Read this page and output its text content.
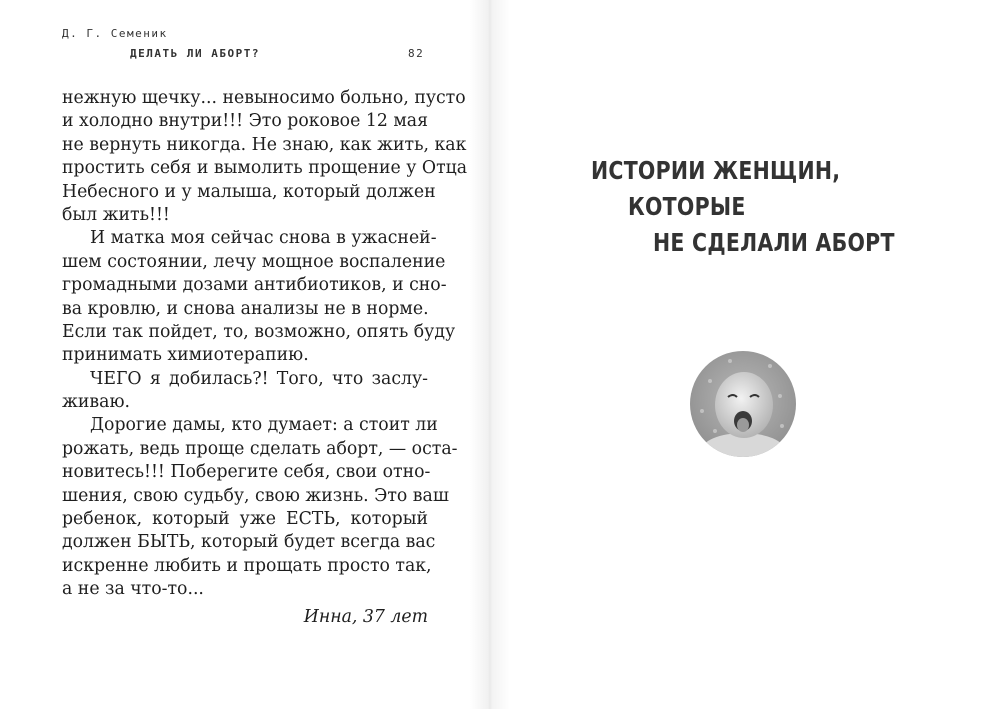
Д. Г. Семеник
ДЕЛАТЬ ЛИ АБОРТ?	82
нежную щечку... невыносимо больно, пусто
и холодно внутри!!! Это роковое 12 мая
не вернуть никогда. Не знаю, как жить, как
простить себя и вымолить прощение у Отца
Небесного и у малыша, который должен
был жить!!!
И матка моя сейчас снова в ужасней-
шем состоянии, лечу мощное воспаление
громадными дозами антибиотиков, и сно-
ва кровлю, и снова анализы не в норме.
Если так пойдет, то, возможно, опять буду
принимать химиотерапию.
ЧЕГО я добилась?! Того, что заслу-
живаю.
Дорогие дамы, кто думает: а стоит ли
рожать, ведь проще сделать аборт, — оста-
новитесь!!! Поберегите себя, свои отно-
шения, свою судьбу, свою жизнь. Это ваш
ребенок, который уже ЕСТЬ, который
должен БЫТЬ, который будет всегда вас
искренне любить и прощать просто так,
а не за что-то...
Инна, 37 лет
ИСТОРИИ ЖЕНЩИН,
КОТОРЫЕ
НЕ СДЕЛАЛИ АБОРТ
